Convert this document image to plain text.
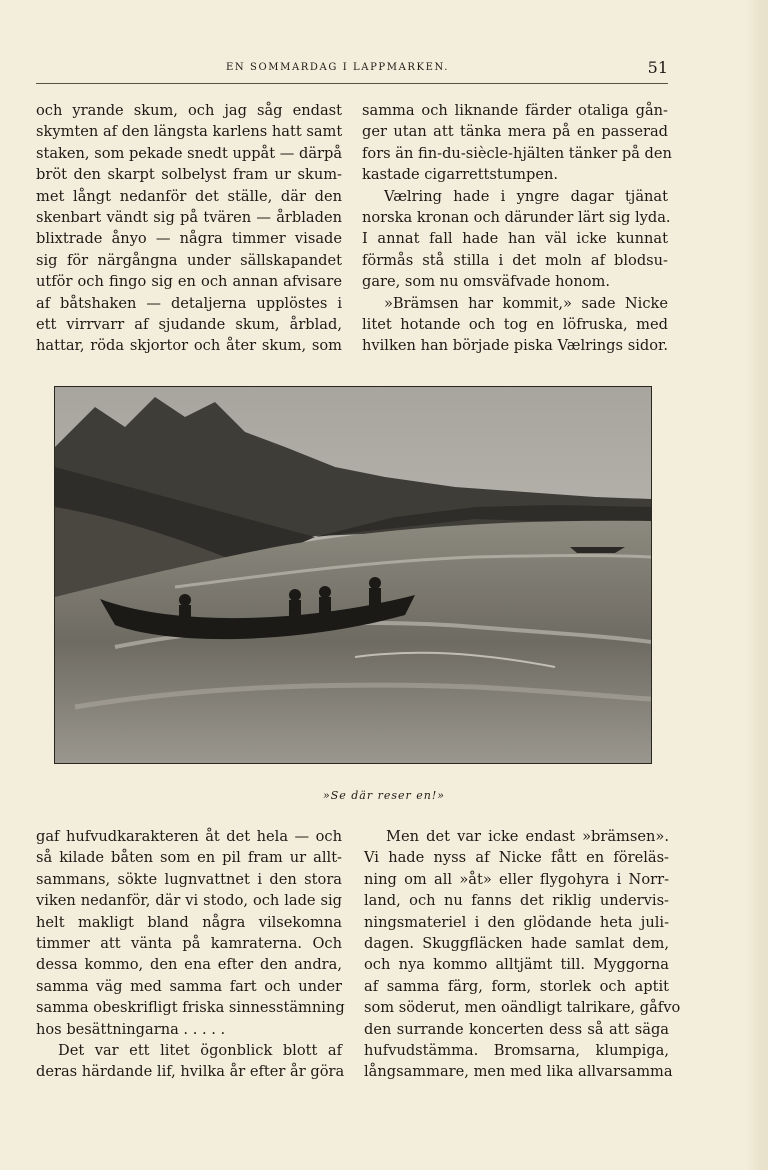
EN SOMMARDAG I LAPPMARKEN.	51
och yrande skum, och jag såg endast
skymten af den längsta karlens hatt samt
staken, som pekade snedt uppåt — därpå
bröt den skarpt solbelyst fram ur skum-
met långt nedanför det ställe, där den
skenbart vändt sig på tvären — årbladen
blixtrade ånyo — några timmer visade
sig för närgångna under sällskapandet
utför och fingo sig en och annan afvisare
af båtshaken — detaljerna upplöstes i
ett virrvarr af sjudande skum, årblad,
hattar, röda skjortor och åter skum, som
samma och liknande färder otaliga gån-
ger utan att tänka mera på en passerad
fors än fin-du-siècle-hjälten tänker på den
kastade cigarrettstumpen.
Vælring hade i yngre dagar tjänat
norska kronan och därunder lärt sig lyda.
I annat fall hade han väl icke kunnat
förmås stå stilla i det moln af blodsu-
gare, som nu omsväfvade honom.
»Brämsen har kommit,» sade Nicke
litet hotande och tog en löfruska, med
hvilken han började piska Vælrings sidor.
»Se där reser en!»
gaf hufvudkarakteren åt det hela — och
så kilade båten som en pil fram ur allt-
sammans, sökte lugnvattnet i den stora
viken nedanför, där vi stodo, och lade sig
helt makligt bland några vilsekomna
timmer att vänta på kamraterna. Och
dessa kommo, den ena efter den andra,
samma väg med samma fart och under
samma obeskrifligt friska sinnesstämning
hos besättningarna . . . . .
Det var ett litet ögonblick blott af
deras härdande lif, hvilka år efter år göra
Men det var icke endast »brämsen».
Vi hade nyss af Nicke fått en föreläs-
ning om all »åt» eller flygohyra i Norr-
land, och nu fanns det riklig undervis-
ningsmateriel i den glödande heta juli-
dagen. Skuggfläcken hade samlat dem,
och nya kommo alltjämt till. Myggorna
af samma färg, form, storlek och aptit
som söderut, men oändligt talrikare, gåfvo
den surrande koncerten dess så att säga
hufvudstämma. Bromsarna, klumpiga,
långsammare, men med lika allvarsamma
